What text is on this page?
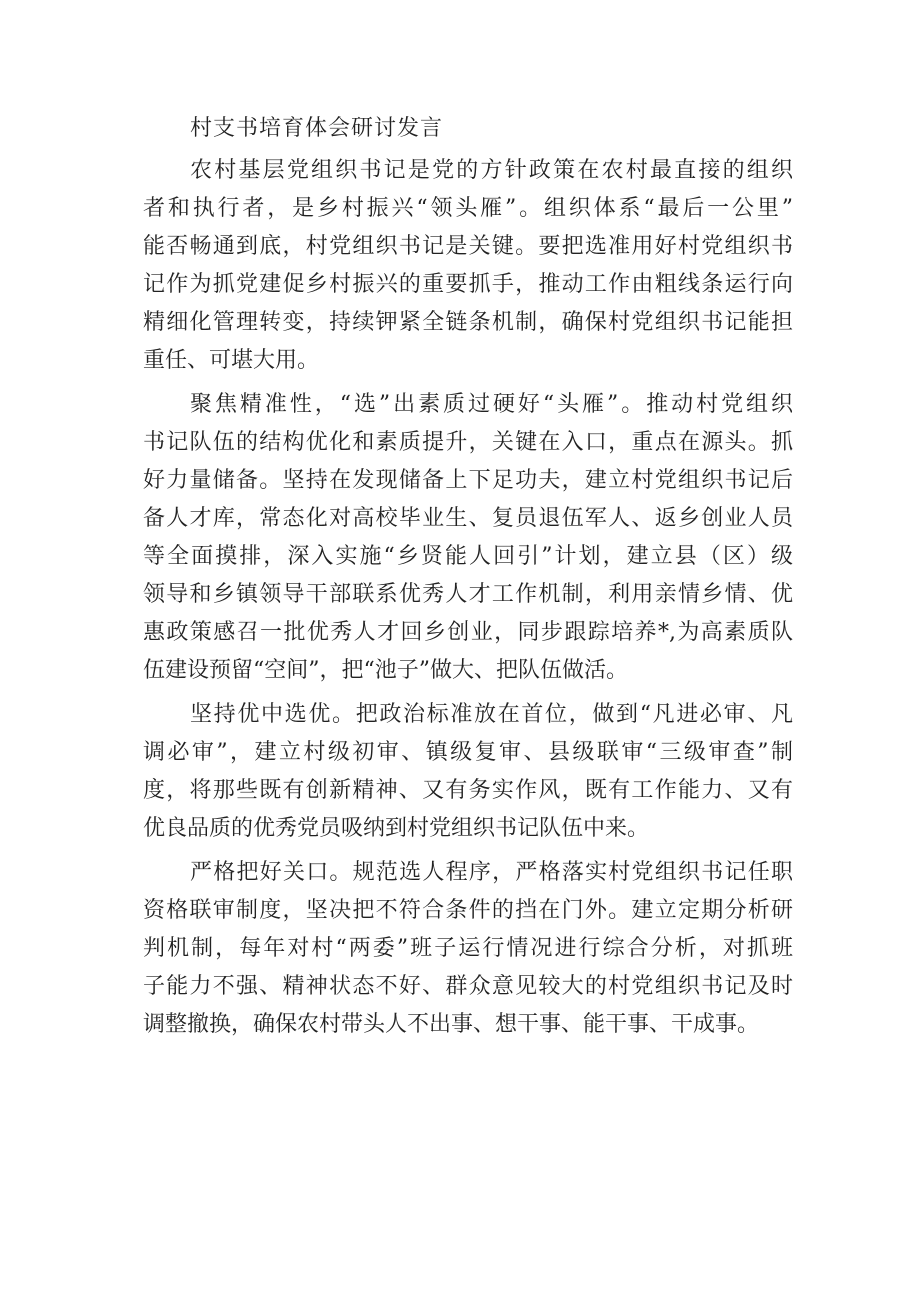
村支书培育体会研讨发言
农村基层党组织书记是党的方针政策在农村最直接的组织
者和执行者，是乡村振兴“领头雁”。组织体系“最后一公里”
能否畅通到底，村党组织书记是关键。要把选准用好村党组织书
记作为抓党建促乡村振兴的重要抓手，推动工作由粗线条运行向
精细化管理转变，持续钾紧全链条机制，确保村党组织书记能担
重任、可堪大用。
聚焦精准性，“选”出素质过硬好“头雁”。推动村党组织
书记队伍的结构优化和素质提升，关键在入口，重点在源头。抓
好力量储备。坚持在发现储备上下足功夫，建立村党组织书记后
备人才库，常态化对高校毕业生、复员退伍军人、返乡创业人员
等全面摸排，深入实施“乡贤能人回引”计划，建立县（区）级
领导和乡镇领导干部联系优秀人才工作机制，利用亲情乡情、优
惠政策感召一批优秀人才回乡创业，同步跟踪培养*,为高素质队
伍建设预留“空间”，把“池子”做大、把队伍做活。
坚持优中选优。把政治标准放在首位，做到“凡进必审、凡
调必审”，建立村级初审、镇级复审、县级联审“三级审查”制
度，将那些既有创新精神、又有务实作风，既有工作能力、又有
优良品质的优秀党员吸纳到村党组织书记队伍中来。
严格把好关口。规范选人程序，严格落实村党组织书记任职
资格联审制度，坚决把不符合条件的挡在门外。建立定期分析研
判机制，每年对村“两委”班子运行情况进行综合分析，对抓班
子能力不强、精神状态不好、群众意见较大的村党组织书记及时
调整撤换，确保农村带头人不出事、想干事、能干事、干成事。
